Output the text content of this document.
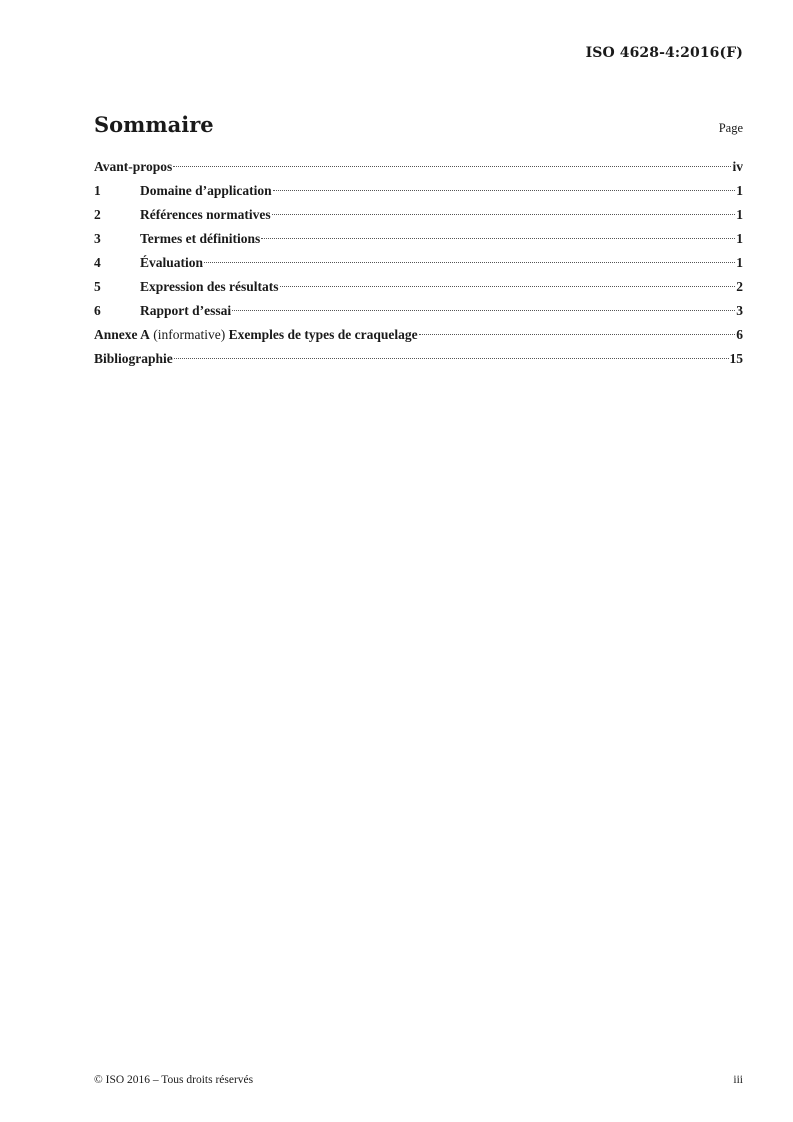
ISO 4628-4:2016(F)
Sommaire	Page
Avant-propos	iv
1	Domaine d’application	1
2	Références normatives	1
3	Termes et définitions	1
4	Évaluation	1
5	Expression des résultats	2
6	Rapport d’essai	3
Annexe A (informative) Exemples de types de craquelage	6
Bibliographie	15
© ISO 2016 – Tous droits réservés	iii
